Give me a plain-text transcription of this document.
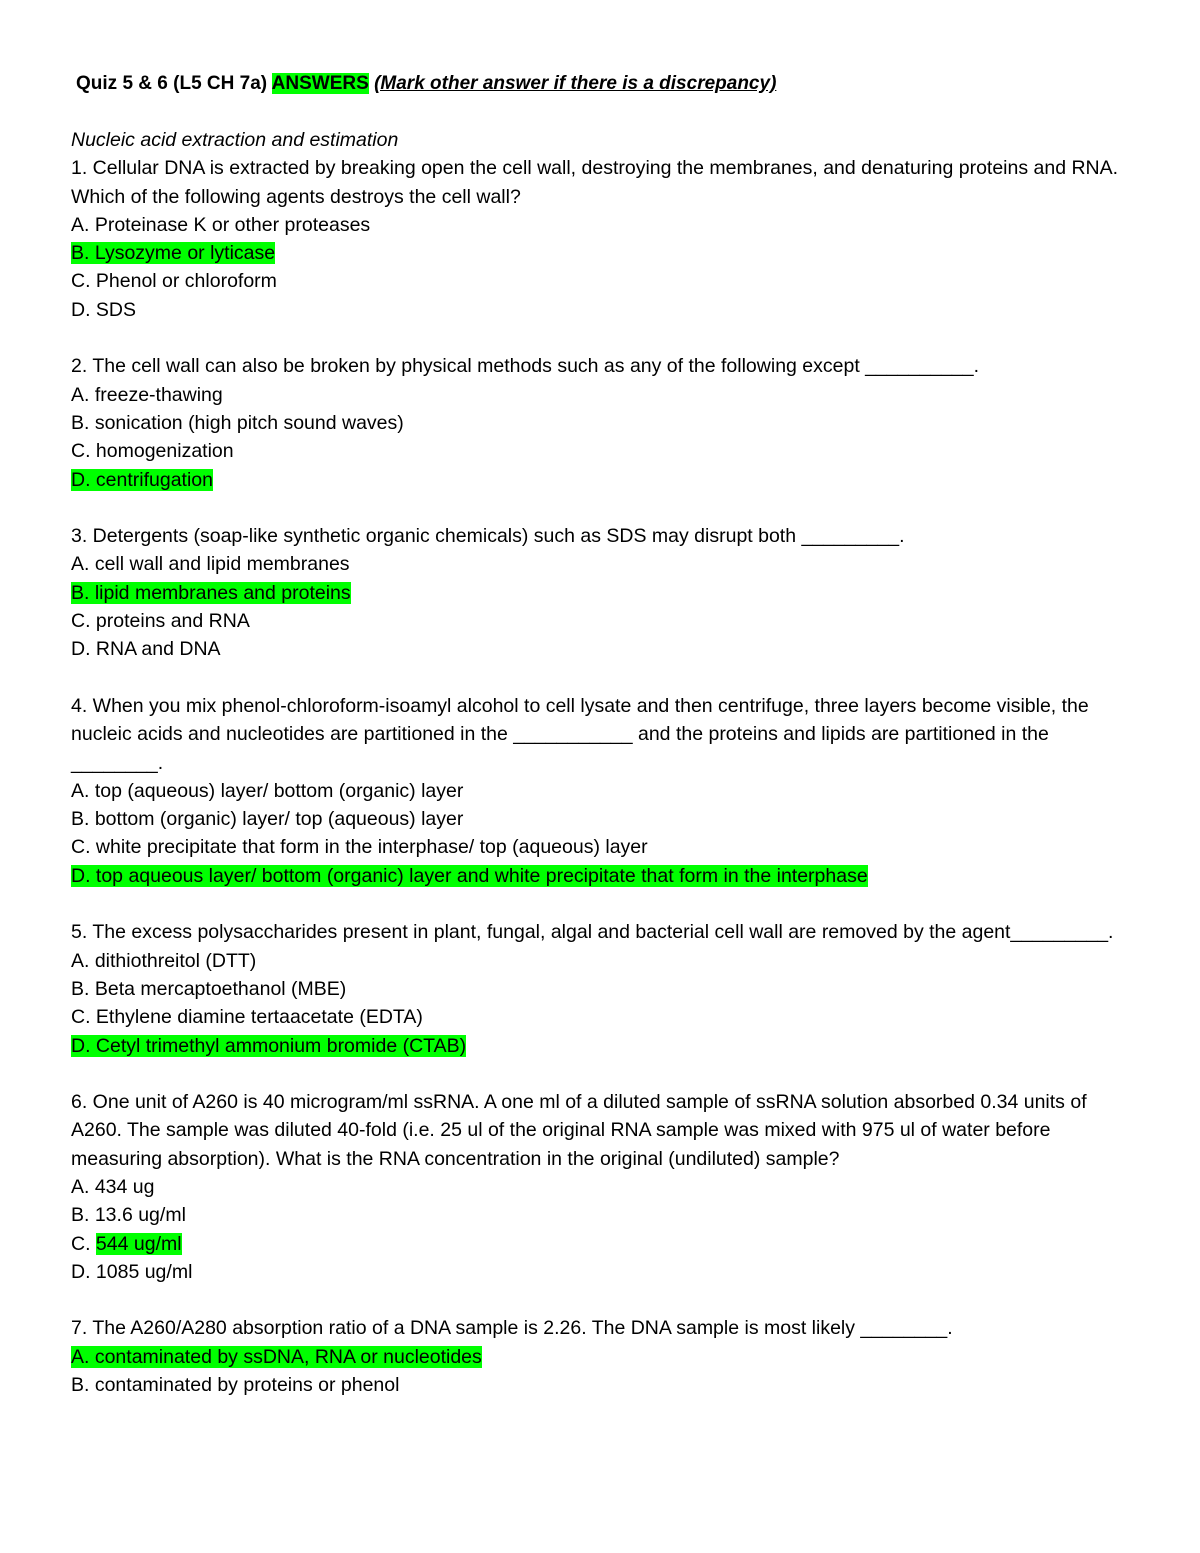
Quiz 5 & 6 (L5 CH 7a) ANSWERS (Mark other answer if there is a discrepancy)
Nucleic acid extraction and estimation
1. Cellular DNA is extracted by breaking open the cell wall, destroying the membranes, and denaturing proteins and RNA. Which of the following agents destroys the cell wall?
A. Proteinase K or other proteases
B. Lysozyme or lyticase
C. Phenol or chloroform
D. SDS
2. The cell wall can also be broken by physical methods such as any of the following except __________.
A. freeze-thawing
B. sonication (high pitch sound waves)
C. homogenization
D. centrifugation
3. Detergents (soap-like synthetic organic chemicals) such as SDS may disrupt both _________.
A. cell wall and lipid membranes
B. lipid membranes and proteins
C. proteins and RNA
D. RNA and DNA
4. When you mix phenol-chloroform-isoamyl alcohol to cell lysate and then centrifuge, three layers become visible, the nucleic acids and nucleotides are partitioned in the ___________ and the proteins and lipids are partitioned in the ________.
A. top (aqueous) layer/ bottom (organic) layer
B. bottom (organic) layer/ top (aqueous) layer
C. white precipitate that form in the interphase/ top (aqueous) layer
D. top aqueous layer/ bottom (organic) layer and white precipitate that form in the interphase
5. The excess polysaccharides present in plant, fungal, algal and bacterial cell wall are removed by the agent_________.
A. dithiothreitol (DTT)
B. Beta mercaptoethanol (MBE)
C. Ethylene diamine tertaacetate (EDTA)
D. Cetyl trimethyl ammonium bromide (CTAB)
6. One unit of A260 is 40 microgram/ml ssRNA. A one ml of a diluted sample of ssRNA solution absorbed 0.34 units of A260. The sample was diluted 40-fold (i.e. 25 ul of the original RNA sample was mixed with 975 ul of water before measuring absorption). What is the RNA concentration in the original (undiluted) sample?
A. 434 ug
B. 13.6 ug/ml
C. 544 ug/ml
D. 1085 ug/ml
7. The A260/A280 absorption ratio of a DNA sample is 2.26. The DNA sample is most likely ________.
A. contaminated by ssDNA, RNA or nucleotides
B. contaminated by proteins or phenol
